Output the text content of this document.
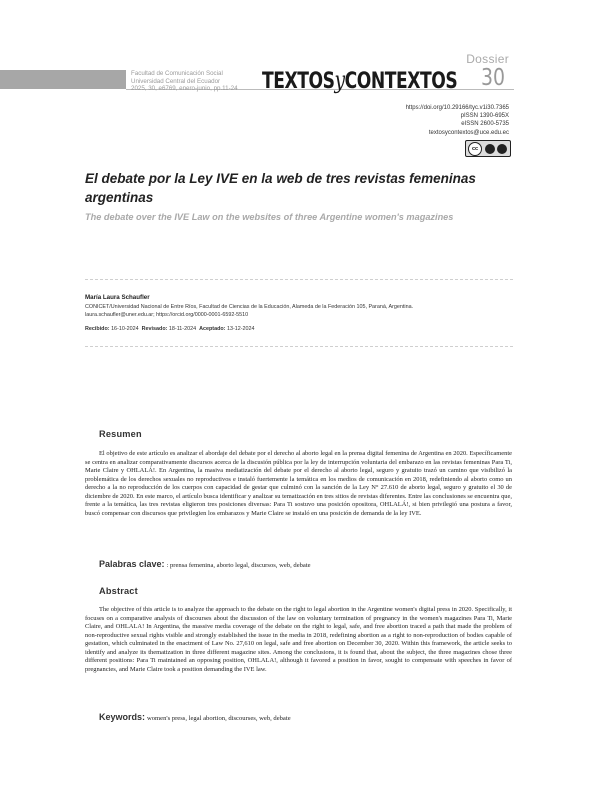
Dossier
Facultad de Comunicación Social
Universidad Central del Ecuador
2025, 30, e6769, enero-junio, pp.11-24 TEXTOSyCONTEXTOS 30
https://doi.org/10.29166/tyc.v1i30.7365
pISSN 1390-695X
eISSN 2600-5735
textosycontextos@uce.edu.ec
cc
El debate por la Ley IVE en la web de tres revistas femeninas argentinas
The debate over the IVE Law on the websites of three Argentine women's magazines
María Laura Schaufler
CONICET/Universidad Nacional de Entre Ríos, Facultad de Ciencias de la Educación, Alameda de la Federación 105, Paraná, Argentina.
laura.schaufler@uner.edu.ar; https://orcid.org/0000-0001-6592-5510
Recibido: 16-10-2024 Revisado: 18-11-2024 Aceptado: 13-12-2024
Resumen
El objetivo de este artículo es analizar el abordaje del debate por el derecho al aborto legal en la prensa digital femenina de Argentina en 2020. Específicamente se centra en analizar comparativamente discursos acerca de la discusión pública por la ley de interrupción voluntaria del embarazo en las revistas femeninas Para Ti, Marie Claire y OHLALÁ!. En Argentina, la masiva mediatización del debate por el derecho al aborto legal, seguro y gratuito trazó un camino que visibilizó la problemática de los derechos sexuales no reproductivos e instaló fuertemente la temática en los medios de comunicación en 2018, redefiniendo al aborto como un derecho a la no reproducción de los cuerpos con capacidad de gestar que culminó con la sanción de la Ley N° 27.610 de aborto legal, seguro y gratuito el 30 de diciembre de 2020. En este marco, el artículo busca identificar y analizar su tematización en tres sitios de revistas diferentes. Entre las conclusiones se encuentra que, frente a la temática, las tres revistas eligieron tres posiciones diversas: Para Ti sostuvo una posición opositora, OHLALÁ!, si bien privilegió una postura a favor, buscó compensar con discursos que privilegien los embarazos y Marie Claire se instaló en una posición de demanda de la ley IVE.
Palabras clave: : prensa femenina, aborto legal, discursos, web, debate
Abstract
The objective of this article is to analyze the approach to the debate on the right to legal abortion in the Argentine women's digital press in 2020. Specifically, it focuses on a comparative analysis of discourses about the discussion of the law on voluntary termination of pregnancy in the women's magazines Para Ti, Marie Claire, and OHLALA! In Argentina, the massive media coverage of the debate on the right to legal, safe, and free abortion traced a path that made the problem of non-reproductive sexual rights visible and strongly established the issue in the media in 2018, redefining abortion as a right to non-reproduction of bodies capable of gestation, which culminated in the enactment of Law No. 27,610 on legal, safe and free abortion on December 30, 2020. Within this framework, the article seeks to identify and analyze its thematization in three different magazine sites. Among the conclusions, it is found that, about the subject, the three magazines chose three different positions: Para Ti maintained an opposing position, OHLALA!, although it favored a position in favor, sought to compensate with speeches in favor of pregnancies, and Marie Claire took a position demanding the IVE law.
Keywords: women's press, legal abortion, discourses, web, debate
